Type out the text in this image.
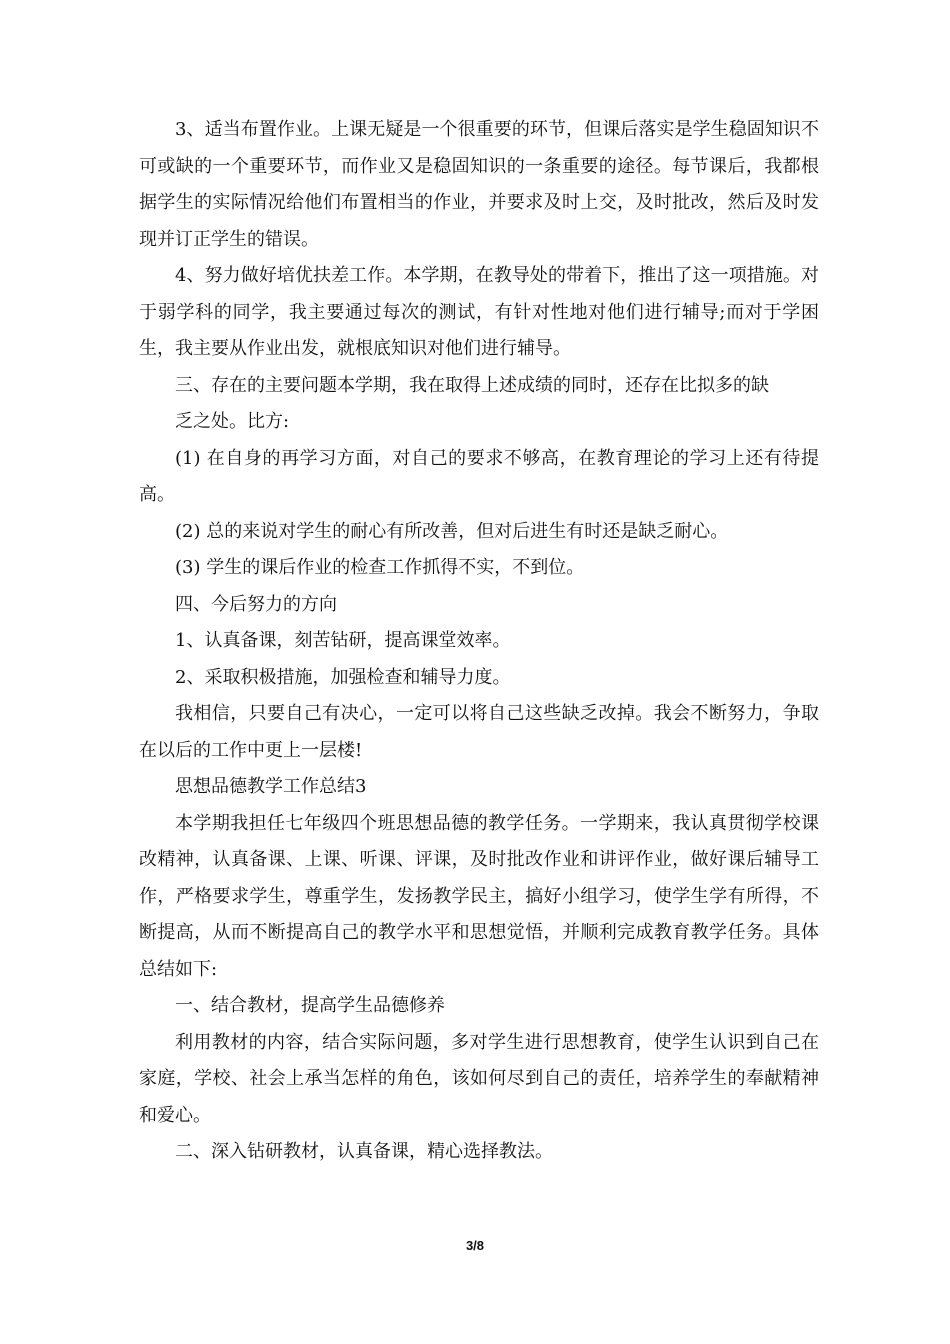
3、适当布置作业。上课无疑是一个很重要的环节，但课后落实是学生稳固知识不可或缺的一个重要环节，而作业又是稳固知识的一条重要的途径。每节课后，我都根据学生的实际情况给他们布置相当的作业，并要求及时上交，及时批改，然后及时发现并订正学生的错误。

4、努力做好培优扶差工作。本学期，在教导处的带着下，推出了这一项措施。对于弱学科的同学，我主要通过每次的测试，有针对性地对他们进行辅导;而对于学困生，我主要从作业出发，就根底知识对他们进行辅导。

三、存在的主要问题本学期，我在取得上述成绩的同时，还存在比拟多的缺

乏之处。比方:

(1) 在自身的再学习方面，对自己的要求不够高，在教育理论的学习上还有待提高。

(2) 总的来说对学生的耐心有所改善，但对后进生有时还是缺乏耐心。

(3) 学生的课后作业的检查工作抓得不实，不到位。

四、今后努力的方向

1、认真备课，刻苦钻研，提高课堂效率。

2、采取积极措施，加强检查和辅导力度。

我相信，只要自己有决心，一定可以将自己这些缺乏改掉。我会不断努力，争取在以后的工作中更上一层楼!

思想品德教学工作总结3

本学期我担任七年级四个班思想品德的教学任务。一学期来，我认真贯彻学校课改精神，认真备课、上课、听课、评课，及时批改作业和讲评作业，做好课后辅导工作，严格要求学生，尊重学生，发扬教学民主，搞好小组学习，使学生学有所得，不断提高，从而不断提高自己的教学水平和思想觉悟，并顺利完成教育教学任务。具体总结如下:

一、结合教材，提高学生品德修养

利用教材的内容，结合实际问题，多对学生进行思想教育，使学生认识到自己在家庭，学校、社会上承当怎样的角色，该如何尽到自己的责任，培养学生的奉献精神和爱心。

二、深入钻研教材，认真备课，精心选择教法。

3/8
